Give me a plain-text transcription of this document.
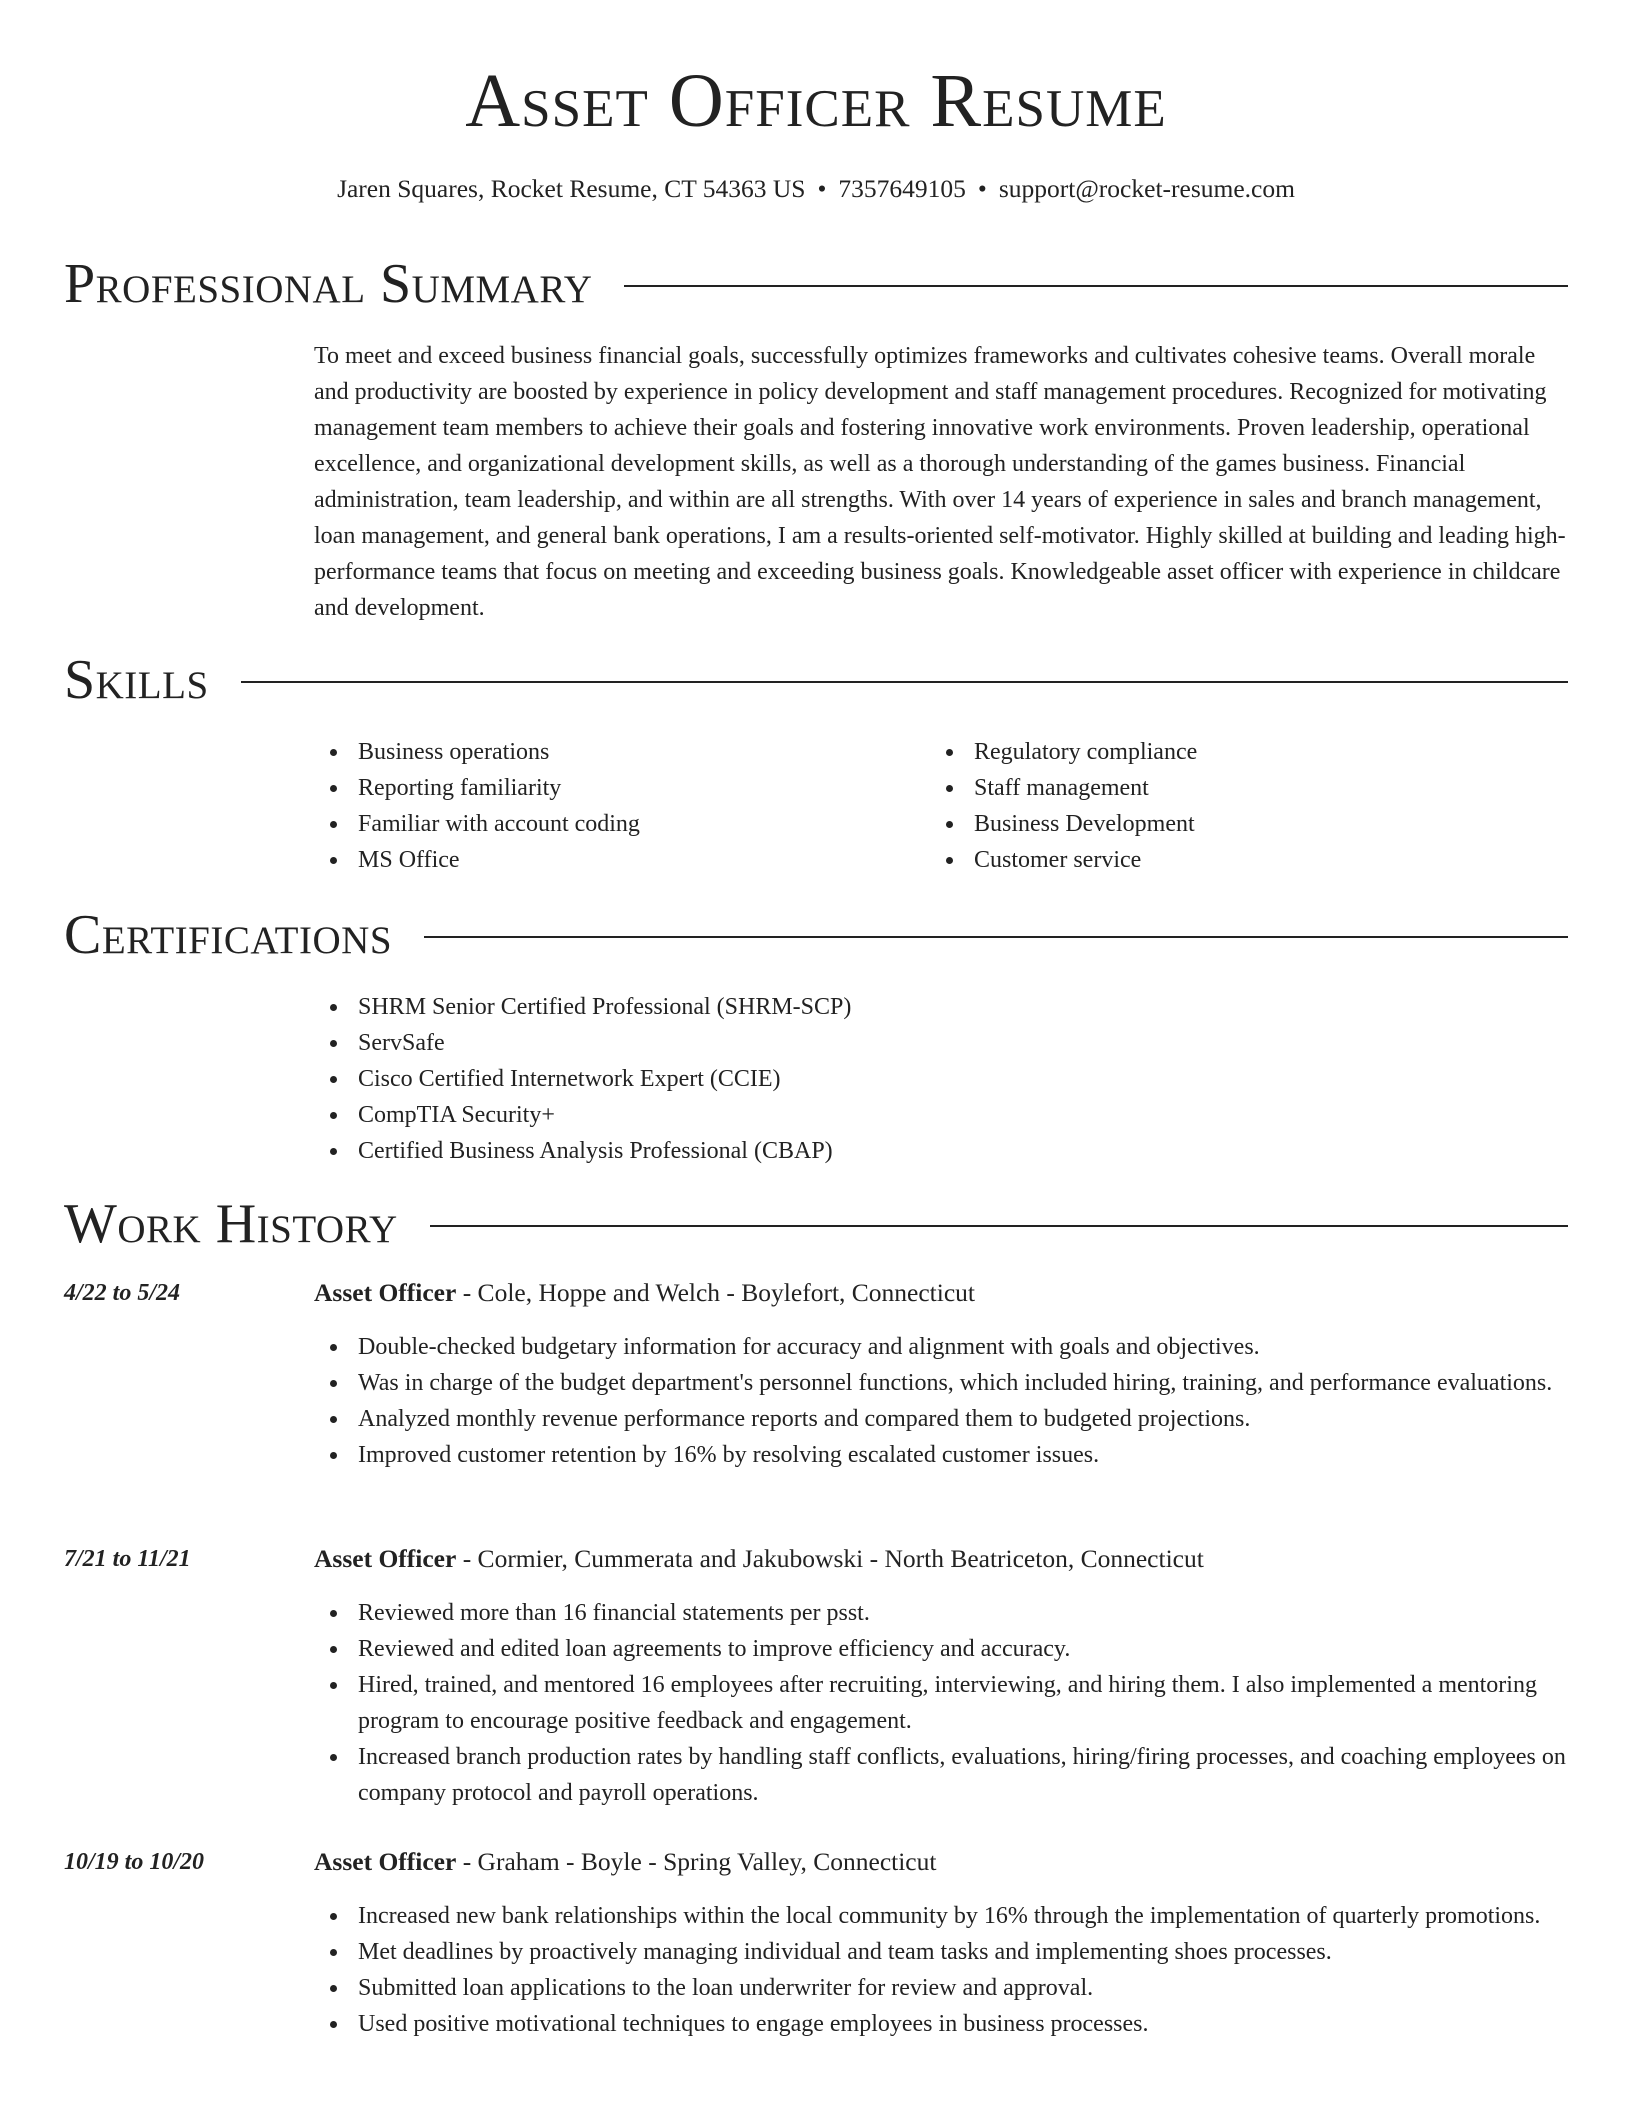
Asset Officer Resume
Jaren Squares, Rocket Resume, CT 54363 US • 7357649105 • support@rocket-resume.com
Professional Summary

To meet and exceed business financial goals, successfully optimizes frameworks and cultivates cohesive teams. Overall morale and productivity are boosted by experience in policy development and staff management procedures. Recognized for motivating management team members to achieve their goals and fostering innovative work environments. Proven leadership, operational excellence, and organizational development skills, as well as a thorough understanding of the games business. Financial administration, team leadership, and within are all strengths. With over 14 years of experience in sales and branch management, loan management, and general bank operations, I am a results-oriented self-motivator. Highly skilled at building and leading high-performance teams that focus on meeting and exceeding business goals. Knowledgeable asset officer with experience in childcare and development.

Skills
Business operations
Reporting familiarity
Familiar with account coding
MS Office
Regulatory compliance
Staff management
Business Development
Customer service
Certifications
SHRM Senior Certified Professional (SHRM-SCP)
ServSafe
Cisco Certified Internetwork Expert (CCIE)
CompTIA Security+
Certified Business Analysis Professional (CBAP)
Work History
4/22 to 5/24	Asset Officer - Cole, Hoppe and Welch - Boylefort, Connecticut
Double-checked budgetary information for accuracy and alignment with goals and objectives.
Was in charge of the budget department's personnel functions, which included hiring, training, and performance evaluations.
Analyzed monthly revenue performance reports and compared them to budgeted projections.
Improved customer retention by 16% by resolving escalated customer issues.
7/21 to 11/21	Asset Officer - Cormier, Cummerata and Jakubowski - North Beatriceton, Connecticut
Reviewed more than 16 financial statements per psst.
Reviewed and edited loan agreements to improve efficiency and accuracy.
Hired, trained, and mentored 16 employees after recruiting, interviewing, and hiring them. I also implemented a mentoring program to encourage positive feedback and engagement.
Increased branch production rates by handling staff conflicts, evaluations, hiring/firing processes, and coaching employees on company protocol and payroll operations.
10/19 to 10/20	Asset Officer - Graham - Boyle - Spring Valley, Connecticut
Increased new bank relationships within the local community by 16% through the implementation of quarterly promotions.
Met deadlines by proactively managing individual and team tasks and implementing shoes processes.
Submitted loan applications to the loan underwriter for review and approval.
Used positive motivational techniques to engage employees in business processes.
